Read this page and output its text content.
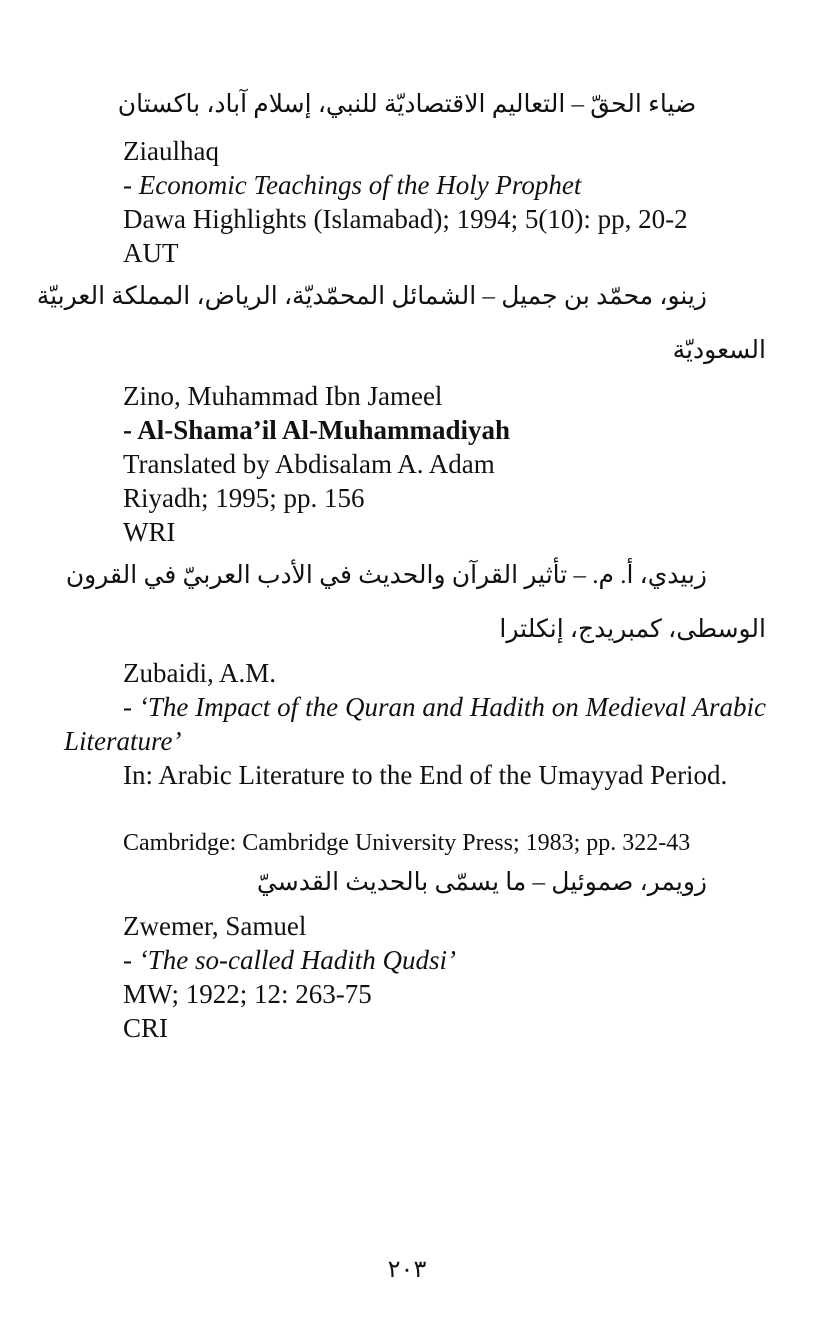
ضياء الحقّ – التعاليم الاقتصاديّة للنبي، إسلام آباد، باكستان
Ziaulhaq
- Economic Teachings of the Holy Prophet
Dawa Highlights (Islamabad); 1994; 5(10): pp, 20-2
AUT
زينو، محمّد بن جميل – الشمائل المحمّديّة، الرياض، المملكة العربيّة
السعوديّة
Zino, Muhammad Ibn Jameel
- Al-Shama’il Al-Muhammadiyah
Translated by Abdisalam A. Adam
Riyadh; 1995; pp. 156
WRI
زبيدي، أ. م. – تأثير القرآن والحديث في الأدب العربيّ في القرون
الوسطى، كمبريدج، إنكلترا
Zubaidi, A.M.
- ‘The Impact of the Quran and Hadith on Medieval Arabic Literature’
In: Arabic Literature to the End of the Umayyad Period.
Cambridge: Cambridge University Press; 1983; pp. 322-43
زويمر، صموئيل – ما يسمّى بالحديث القدسيّ
Zwemer, Samuel
- ‘The so-called Hadith Qudsi’
MW; 1922; 12: 263-75
CRI
٢٠٣
